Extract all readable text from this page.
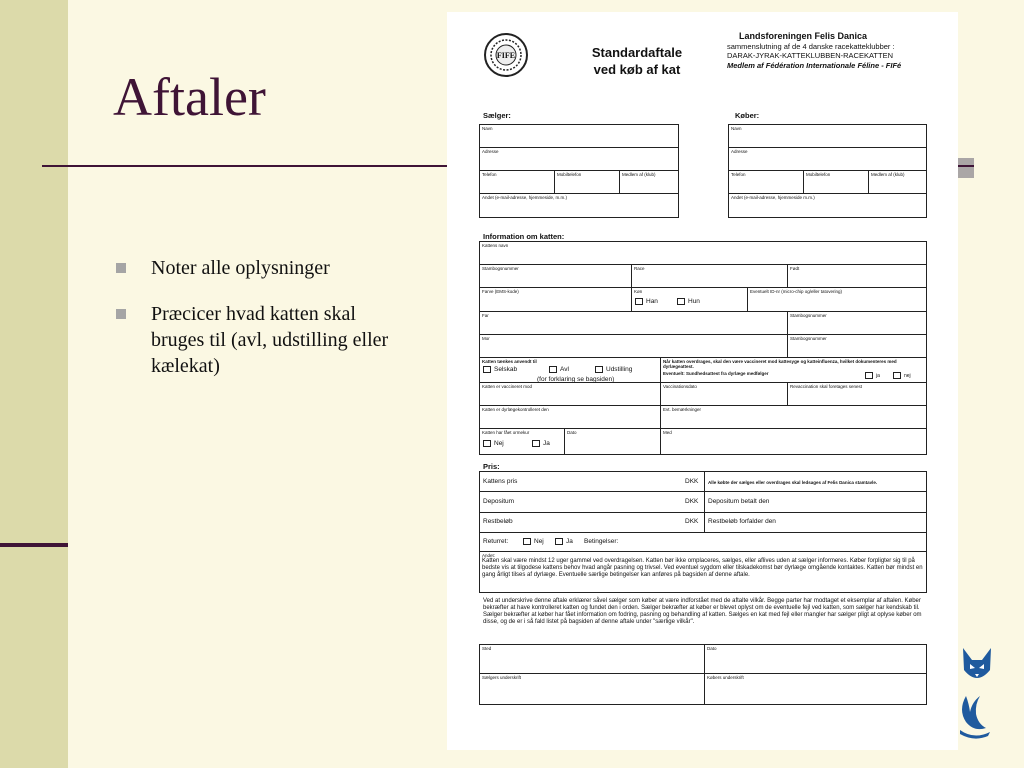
Aftaler
Noter alle oplysninger
Præcicer hvad katten skal bruges til (avl, udstilling eller kælekat)
FIFE	Standardaftale
ved køb af kat
Landsforeningen Felis Danica
sammenslutning af de 4 danske racekatteklubber :
DARAK-JYRAK-KATTEKLUBBEN-RACEKATTEN
Medlem af Fédération Internationale Féline - FIFé
Sælger:
Navn
Adresse
Telefon	Mobiltelefon	Medlem af (klub)
Andet (e-mail-adresse, hjemmeside, m.m.)
Køber:
Navn
Adresse
Telefon	Mobiltelefon	Medlem af (klub)
Andet (e-mail-adresse, hjemmeside m.m.)
Information om katten:
Kattens navn
Stambogsnummer	Race	Født
Farve (EMS-kode)	Køn
Han	Hun
Eventuelt ID-nr (micro-chip og/eller tatovering)
Far	Stambogsnummer
Mor	Stambogsnummer
Katten tænkes anvendt til
Selskab	Avl	Udstilling
(for forklaring se bagsiden)
Når katten overdrages, skal den være vaccineret mod kattesyge og katteinfluenza, hvilket dokumenteres med dyrlægeattest.
Eventuelt: Sundhedsattest fra dyrlæge medfølger	ja	nej
Katten er vaccineret mod	Vaccinationsdato	Revaccination skal foretages senest
Katten er dyrlægekontrolleret den	Evt. bemærkninger
Katten har fået ormekur
Nej	Ja
Dato	Med
Pris:
Kattens pris	DKK Alle købte der sælges eller overdrages skal ledsages af Felis Danica stamtavle.
Depositum	DKK Depositum betalt den
Restbeløb	DKK Restbeløb forfalder den
Returret:	Nej	Ja Betingelser:
Andet:
Katten skal være mindst 12 uger gammel ved overdragelsen. Katten bør ikke omplaceres, sælges, eller aflives uden at sælger informeres. Køber forpligter sig til på bedste vis at tilgodese kattens behov hvad angår pasning og trivsel. Ved eventuel sygdom eller tilskadekomst bør dyrlæge omgående kontaktes. Katten bør mindst en gang årligt tilses af dyrlæge. Eventuelle særlige betingelser kan anføres på bagsiden af denne aftale.
Ved at underskrive denne aftale erklærer såvel sælger som køber at være indforstået med de aftalte vilkår. Begge parter har modtaget et eksemplar af aftalen. Køber bekræfter at have kontrolleret katten og fundet den i orden. Sælger bekræfter at køber er blevet oplyst om de eventuelle fejl ved katten, som sælger har kendskab til. Sælger bekræfter at køber har fået information om fodring, pasning og behandling af katten. Sælges en kat med fejl eller mangler har sælger pligt at oplyse køber om disse, og de er i så fald listet på bagsiden af denne aftale under "særlige vilkår".
Sted	Dato
Sælgers underskrift	Købers underskrift
